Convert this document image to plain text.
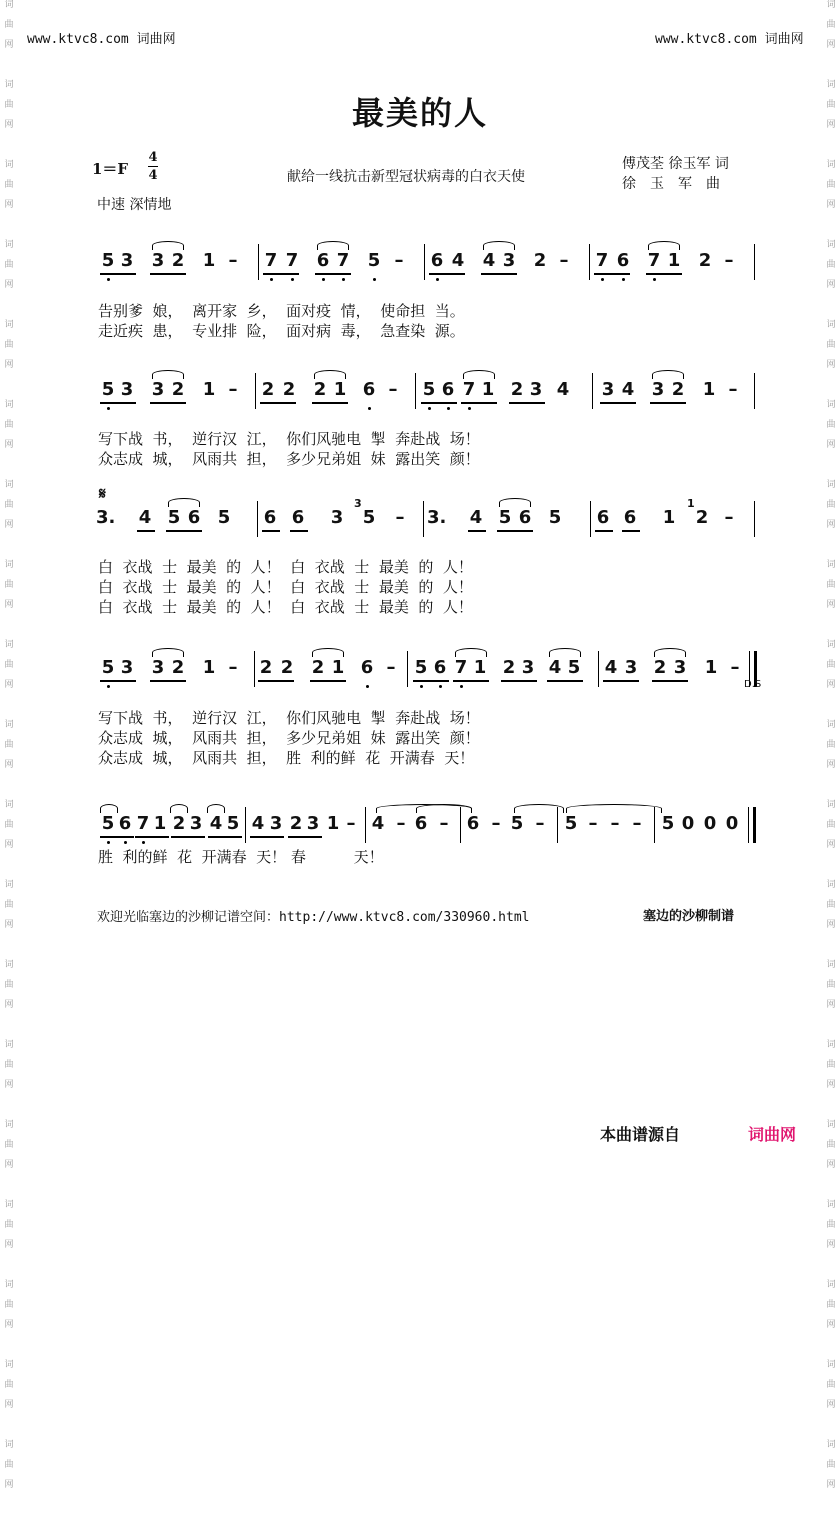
词
曲
网
词
曲
网
词
曲
网
词
曲
网
词
曲
网
词
曲
网
词
曲
网
词
曲
网
词
曲
网
词
曲
网
词
曲
网
词
曲
网
词
曲
网
词
曲
网
词
曲
网
词
曲
网
词
曲
网
词
曲
网
词
曲
网
词
曲
网
词
曲
网
词
曲
网
词
曲
网
词
曲
网
词
曲
网
词
曲
网
词
曲
网
词
曲
网
词
曲
网
词
曲
网
词
曲
网
词
曲
网
词
曲
网
词
曲
网
词
曲
网
词
曲
网
词
曲
网
词
曲
网
www.ktvc8.com 词曲网	www.ktvc8.com 词曲网
最美的人
1＝F
4
4
中速 深情地
献给一线抗击新型冠状病毒的白衣天使
傅茂荃 徐玉军 词
徐玉军曲
5 3 3 2 1 – 7 7 6 7 5 – 6 4 4 3 2 – 7 6 7 1 2 –
告别爹  娘，  离开家  乡，  面对疫  情，  使命担  当。
走近疾  患，  专业排  险，  面对病  毒，  急查染  源。
5 3 3 2 1 – 2 2 2 1 6 – 5 6 7 1 2 3 4 3 4 3 2 1 –
写下战  书，  逆行汉  江，  你们风驰电  掣  奔赴战  场！
众志成  城，  风雨共  担，  多少兄弟姐  妹  露出笑  颜！
𝄋
3. 4 5 6 5 6 6 3
3
5 – 3. 4 5 6 5 6 6 1
1
2 –
白  衣战  士  最美  的  人！  白  衣战  士  最美  的  人！
白  衣战  士  最美  的  人！  白  衣战  士  最美  的  人！
白  衣战  士  最美  的  人！  白  衣战  士  最美  的  人！
5 3 3 2 1 – 2 2 2 1 6 – 5 6 7 1 2 3 4 5 4 3 2 3 1 –
D.S
写下战  书，  逆行汉  江，  你们风驰电  掣  奔赴战  场！
众志成  城，  风雨共  担，  多少兄弟姐  妹  露出笑  颜！
众志成  城，  风雨共  担，  胜  利的鲜  花  开满春  天！
5 6 7 1 2 3 4 5 4 3 2 3 1 – 4 – 6 – 6 – 5 – 5 – – – 5 0 0 0
胜  利的鲜  花  开满春  天！ 春          天！
欢迎光临塞边的沙柳记谱空间：http://www.ktvc8.com/330960.html	塞边的沙柳制谱
本曲谱源自	词曲网
